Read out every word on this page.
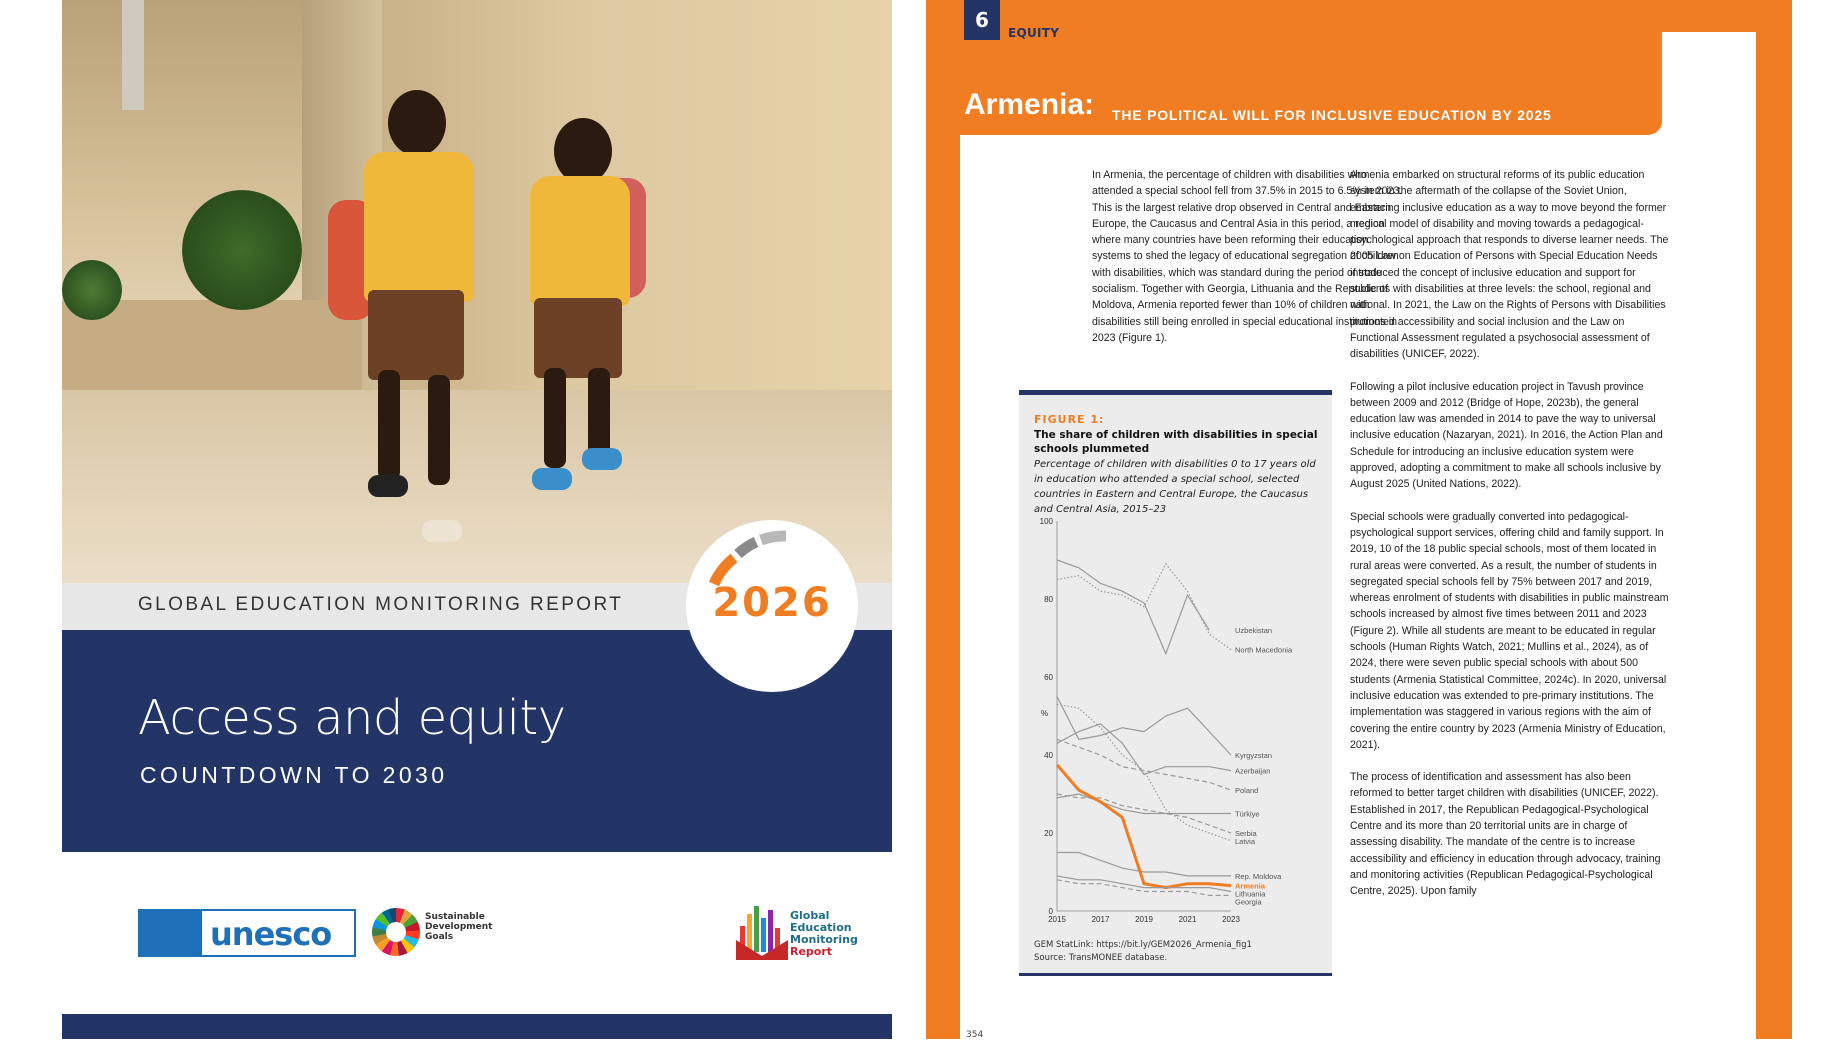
GLOBAL EDUCATION MONITORING REPORT
Access and equity
COUNTDOWN TO 2030
2026
COUNTDOWN TO 2030
unesco	Sustainable Development Goals
Global
Education
Monitoring
Report
6
EQUITY
Armenia: THE POLITICAL WILL FOR INCLUSIVE EDUCATION BY 2025

In Armenia, the percentage of children with disabilities who attended a special school fell from 37.5% in 2015 to 6.5% in 2023. This is the largest relative drop observed in Central and Eastern Europe, the Caucasus and Central Asia in this period, a region where many countries have been reforming their education systems to shed the legacy of educational segregation of children with disabilities, which was standard during the period of state socialism. Together with Georgia, Lithuania and the Republic of Moldova, Armenia reported fewer than 10% of children with disabilities still being enrolled in special educational institutions in 2023 (Figure 1).

Armenia embarked on structural reforms of its public education system in the aftermath of the collapse of the Soviet Union, embracing inclusive education as a way to move beyond the former medical model of disability and moving towards a pedagogical-psychological approach that responds to diverse learner needs. The 2005 Law on Education of Persons with Special Education Needs introduced the concept of inclusive education and support for students with disabilities at three levels: the school, regional and national. In 2021, the Law on the Rights of Persons with Disabilities promoted accessibility and social inclusion and the Law on Functional Assessment regulated a psychosocial assessment of disabilities (UNICEF, 2022).

Following a pilot inclusive education project in Tavush province between 2009 and 2012 (Bridge of Hope, 2023b), the general education law was amended in 2014 to pave the way to universal inclusive education (Nazaryan, 2021). In 2016, the Action Plan and Schedule for introducing an inclusive education system were approved, adopting a commitment to make all schools inclusive by August 2025 (United Nations, 2022).

Special schools were gradually converted into pedagogical-psychological support services, offering child and family support. In 2019, 10 of the 18 public special schools, most of them located in rural areas were converted. As a result, the number of students in segregated special schools fell by 75% between 2017 and 2019, whereas enrolment of students with disabilities in public mainstream schools increased by almost five times between 2011 and 2023 (Figure 2). While all students are meant to be educated in regular schools (Human Rights Watch, 2021; Mullins et al., 2024), as of 2024, there were seven public special schools with about 500 students (Armenia Statistical Committee, 2024c). In 2020, universal inclusive education was extended to pre-primary institutions. The implementation was staggered in various regions with the aim of covering the entire country by 2023 (Armenia Ministry of Education, 2021).

The process of identification and assessment has also been reformed to better target children with disabilities (UNICEF, 2022). Established in 2017, the Republican Pedagogical-Psychological Centre and its more than 20 territorial units are in charge of assessing disability. The mandate of the centre is to increase accessibility and efficiency in education through advocacy, training and monitoring activities (Republican Pedagogical-Psychological Centre, 2025). Upon family

FIGURE 1:
The share of children with disabilities in special schools plummeted
Percentage of children with disabilities 0 to 17 years old in education who attended a special school, selected countries in Eastern and Central Europe, the Caucasus and Central Asia, 2015–23
0
20
40
60
80
100
%
2015	2017	2019	2021	2023
Uzbekistan
North Macedonia
Kyrgyzstan
Azerbaijan
Poland
Türkiye
Serbia
Latvia
Rep. Moldova
Armenia
Lithuania
Georgia
GEM StatLink: https://bit.ly/GEM2026_Armenia_fig1
Source: TransMONEE database.
354
